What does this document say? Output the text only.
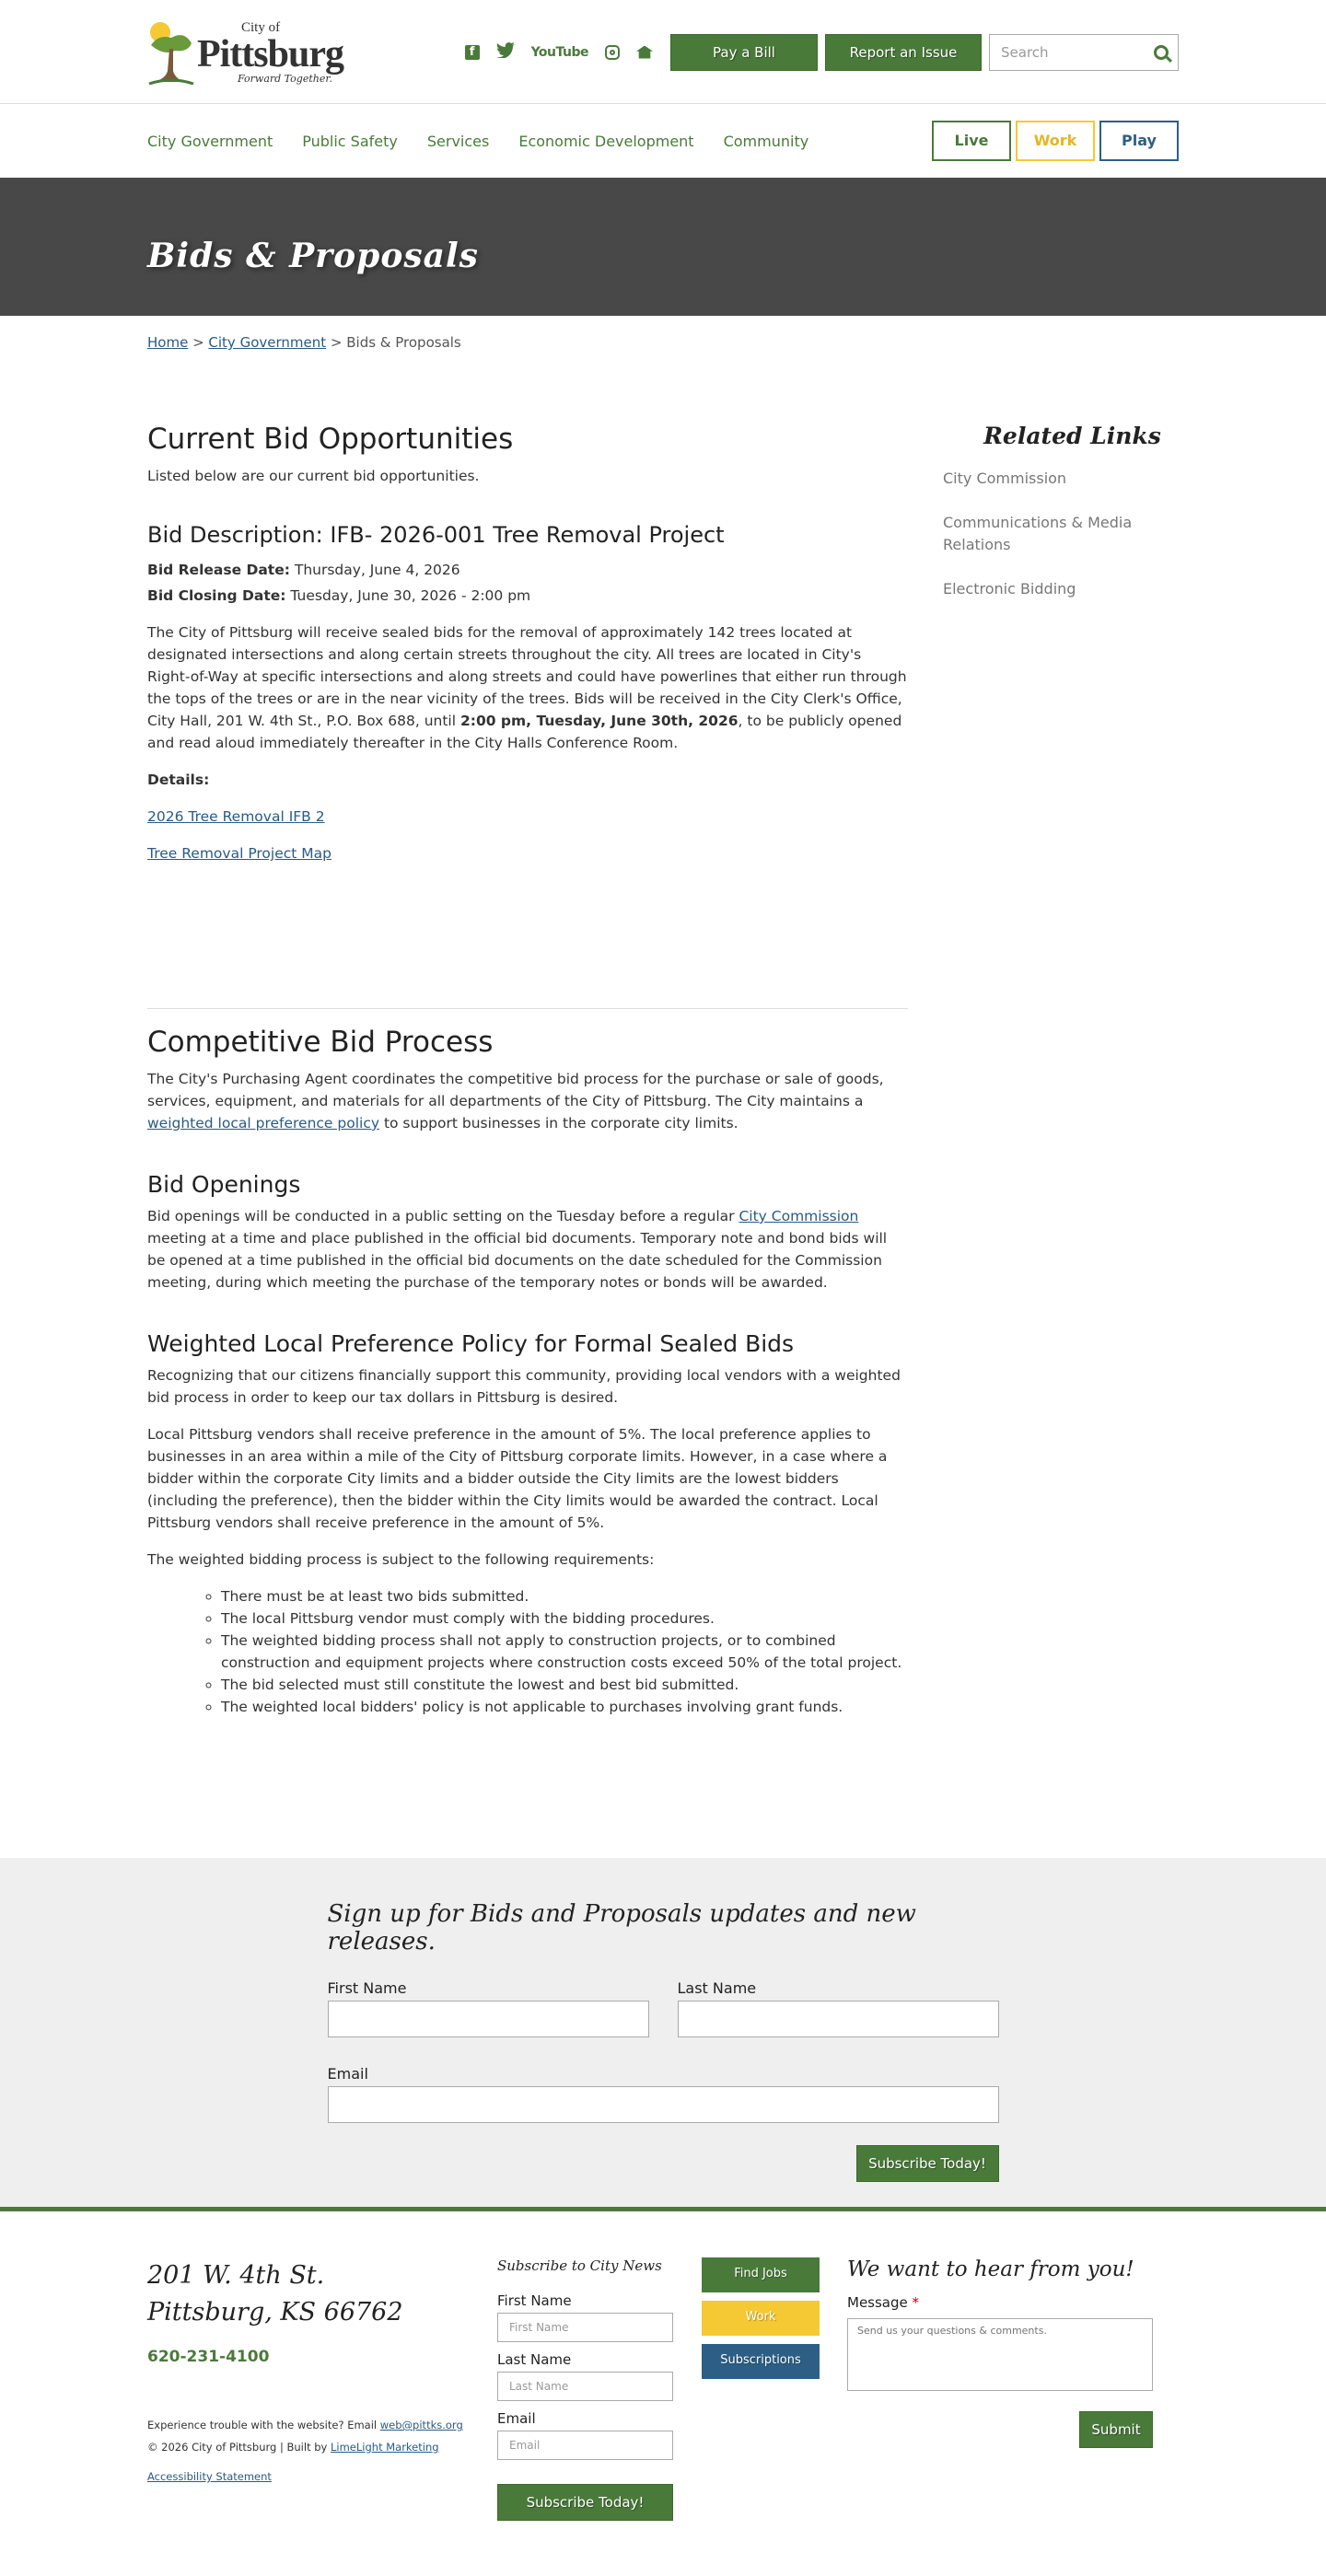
City of
Pittsburg
Forward Together.
f	YouTube	Pay a Bill	Report an Issue
Search
City Government Public Safety Services Economic Development Community	Live	Work	Play
Bids & Proposals
Home > City Government > Bids & Proposals
Current Bid Opportunities

Listed below are our current bid opportunities.

Bid Description: IFB- 2026-001 Tree Removal Project

Bid Release Date: Thursday, June 4, 2026

Bid Closing Date: Tuesday, June 30, 2026 - 2:00 pm

The City of Pittsburg will receive sealed bids for the removal of approximately 142 trees located at designated intersections and along certain streets throughout the city. All trees are located in City's Right-of-Way at specific intersections and along streets and could have powerlines that either run through the tops of the trees or are in the near vicinity of the trees. Bids will be received in the City Clerk's Office, City Hall, 201 W. 4th St., P.O. Box 688, until 2:00 pm, Tuesday, June 30th, 2026, to be publicly opened and read aloud immediately thereafter in the City Halls Conference Room.

Details:

2026 Tree Removal IFB 2

Tree Removal Project Map

Competitive Bid Process

The City's Purchasing Agent coordinates the competitive bid process for the purchase or sale of goods, services, equipment, and materials for all departments of the City of Pittsburg. The City maintains a weighted local preference policy to support businesses in the corporate city limits.

Bid Openings

Bid openings will be conducted in a public setting on the Tuesday before a regular City Commission meeting at a time and place published in the official bid documents. Temporary note and bond bids will be opened at a time published in the official bid documents on the date scheduled for the Commission meeting, during which meeting the purchase of the temporary notes or bonds will be awarded.

Weighted Local Preference Policy for Formal Sealed Bids

Recognizing that our citizens financially support this community, providing local vendors with a weighted bid process in order to keep our tax dollars in Pittsburg is desired.

Local Pittsburg vendors shall receive preference in the amount of 5%. The local preference applies to businesses in an area within a mile of the City of Pittsburg corporate limits. However, in a case where a bidder within the corporate City limits and a bidder outside the City limits are the lowest bidders (including the preference), then the bidder within the City limits would be awarded the contract. Local Pittsburg vendors shall receive preference in the amount of 5%.

The weighted bidding process is subject to the following requirements:

◦ There must be at least two bids submitted.
◦ The local Pittsburg vendor must comply with the bidding procedures.
◦ The weighted bidding process shall not apply to construction projects, or to combined construction and equipment projects where construction costs exceed 50% of the total project.
◦ The bid selected must still constitute the lowest and best bid submitted.
◦ The weighted local bidders' policy is not applicable to purchases involving grant funds.
Related Links
City Commission
Communications & Media Relations
Electronic Bidding
Sign up for Bids and Proposals updates and new releases.
First Name	Last Name
Email
Subscribe Today!
201 W. 4th St.
Pittsburg, KS 66762
620-231-4100
Experience trouble with the website? Email web@pittks.org
© 2026 City of Pittsburg | Built by LimeLight Marketing
Accessibility Statement
Subscribe to City News
First Name
First Name
Last Name
Last Name
Email
Email
Subscribe Today!
Find Jobs
Work
Subscriptions
We want to hear from you!
Message *
Send us your questions & comments.
Submit
